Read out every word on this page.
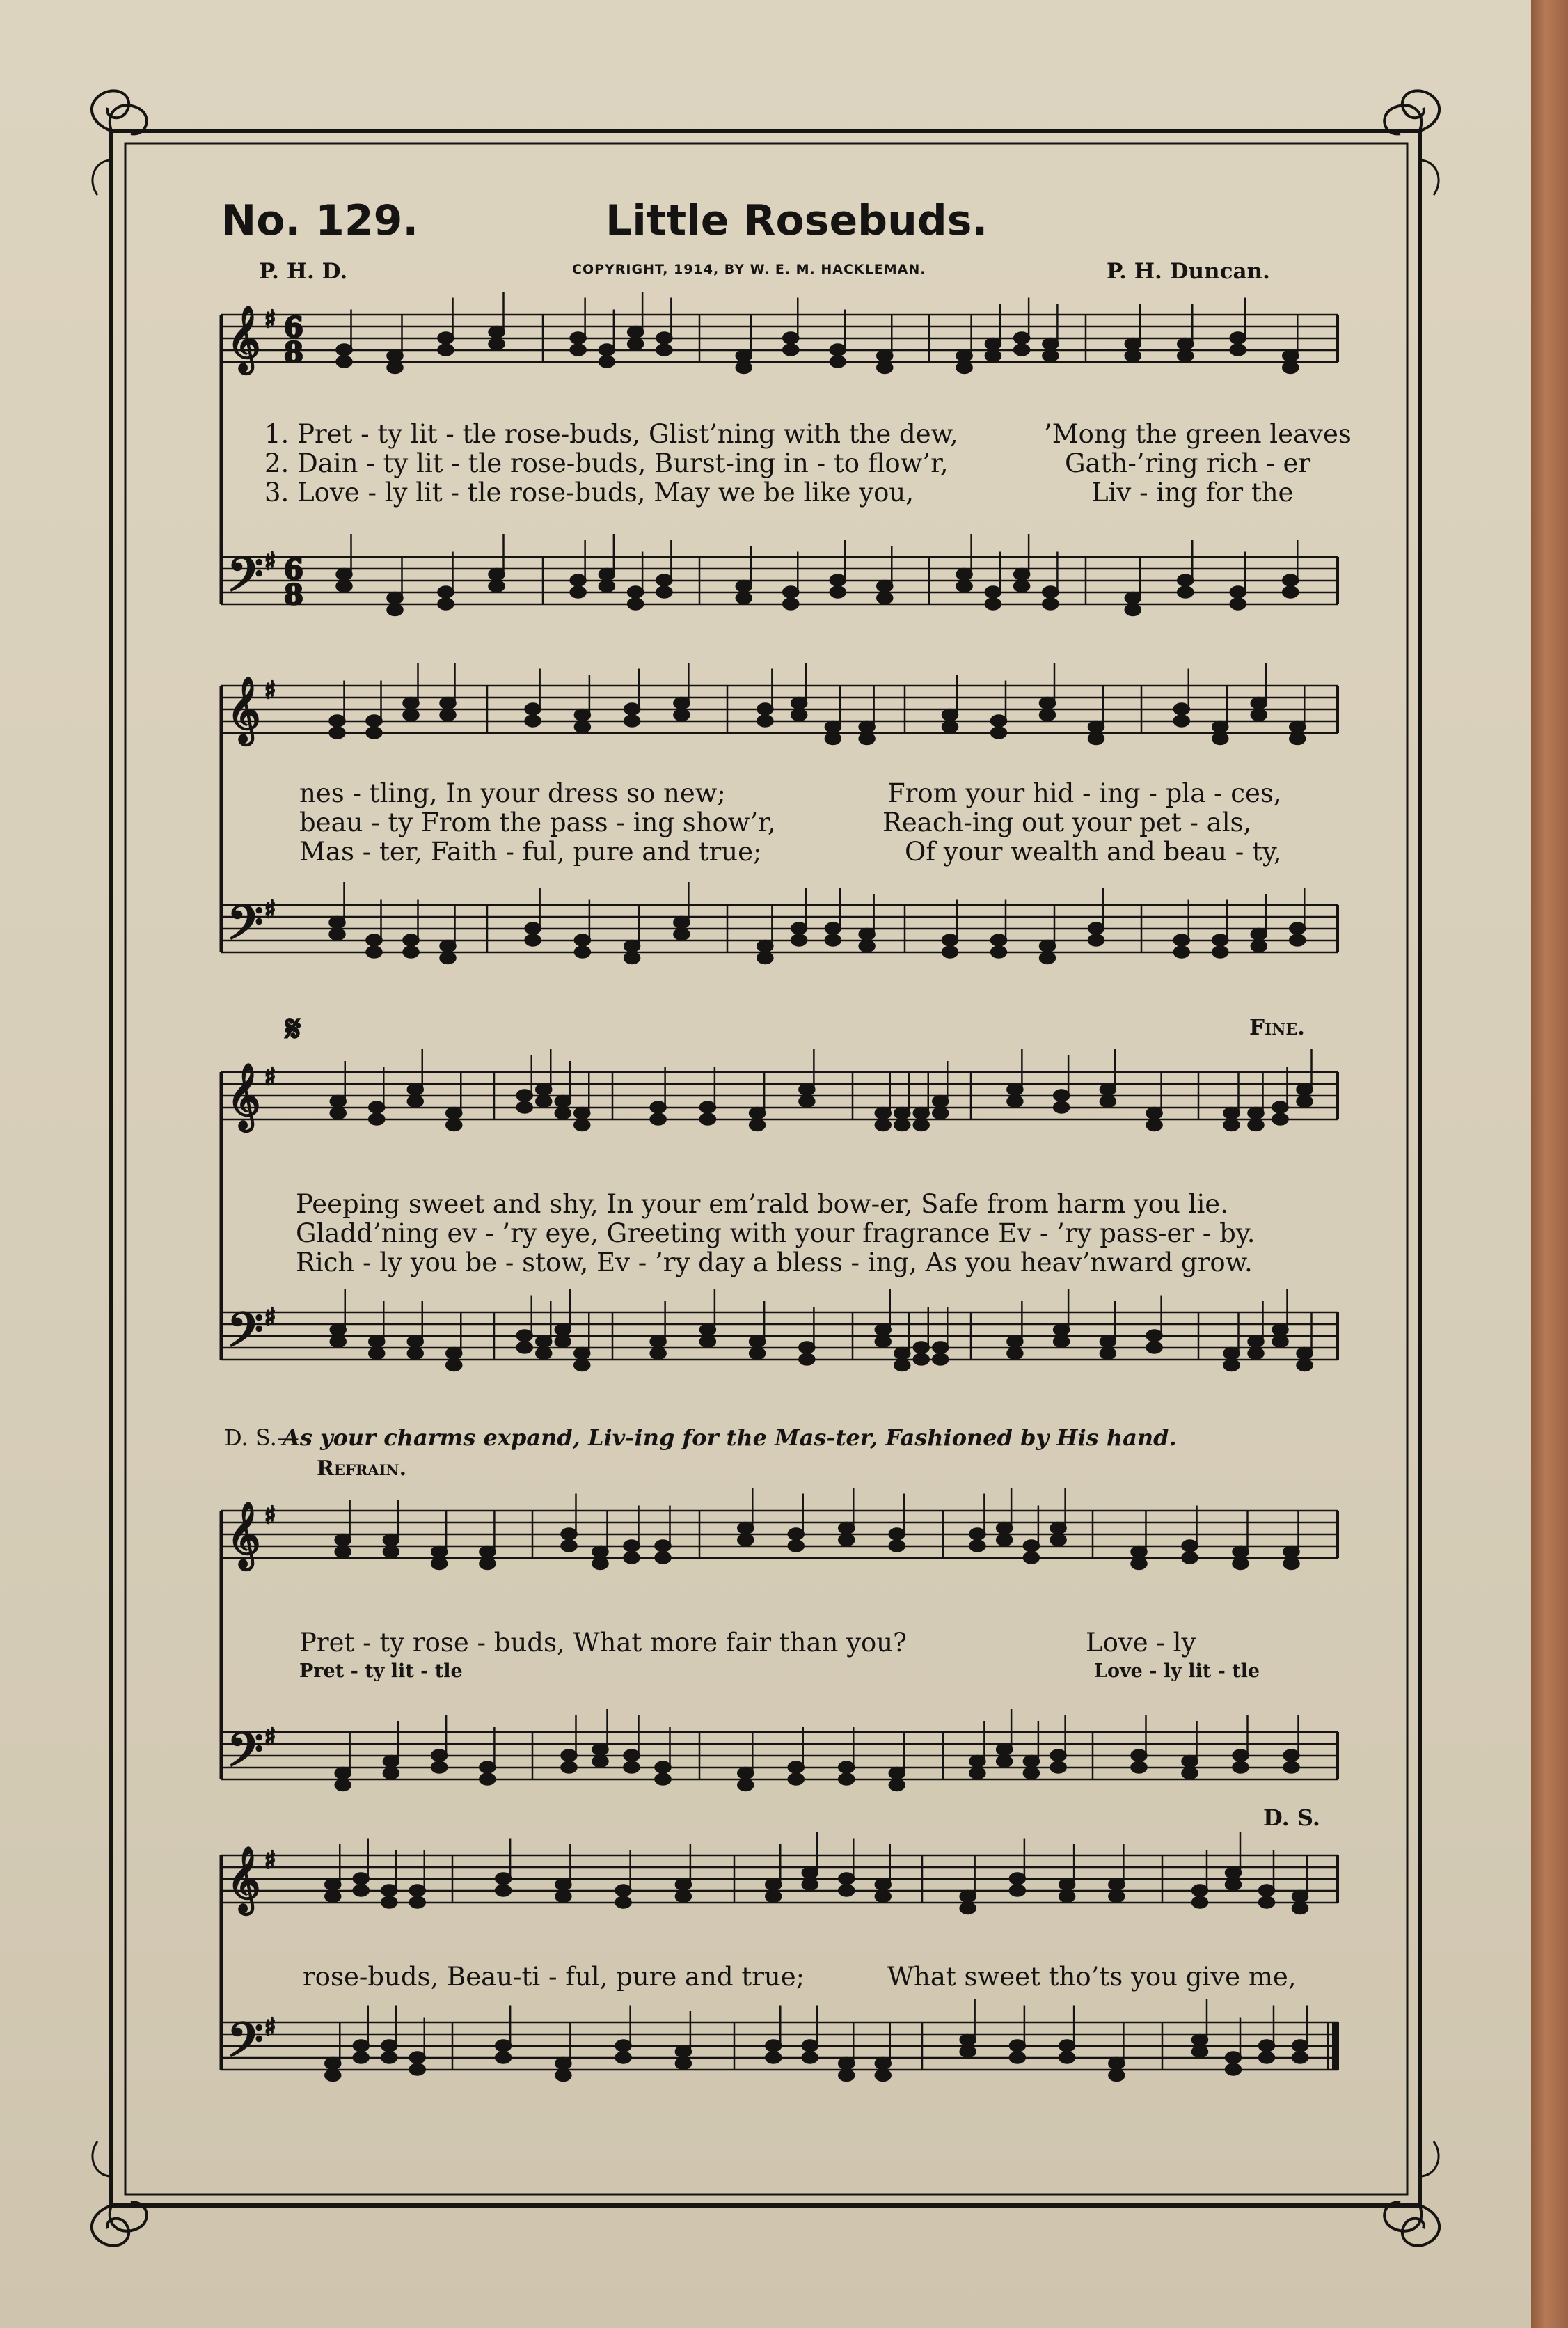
𝄞 ♯
𝄢 ♯
𝄞 ♯
𝄢 ♯
𝄞 ♯
𝄢 ♯
𝄞 ♯
𝄢 ♯
𝄞 ♯
𝄢 ♯
6
8
6
8
𝄋
No. 129.	Little Rosebuds.
P. H. D.	COPYRIGHT, 1914, BY W. E. M. HACKLEMAN.	P. H. Duncan.
1. Pret - ty lit - tle rose-buds, Glist’ning with the dew,
2. Dain - ty lit - tle rose-buds, Burst-ing in - to flow’r,
3. Love - ly lit - tle rose-buds, May we be like you,
’Mong the green leaves
Gath-’ring rich - er
Liv - ing for the
nes - tling, In your dress so new;
beau - ty From the pass - ing show’r,
Mas - ter, Faith - ful, pure and true;
From your hid - ing - pla - ces,
Reach-ing out your pet - als,
Of your wealth and beau - ty,
Fine.
Peeping sweet and shy, In your em’rald bow-er, Safe from harm you lie.
Gladd’ning ev - ’ry eye, Greeting with your fragrance Ev - ’ry pass-er - by.
Rich - ly you be - stow, Ev - ’ry day a bless - ing, As you heav’nward grow.
D. S.—
As your charms expand, Liv-ing for the Mas-ter, Fashioned by His hand.
Refrain.
Pret - ty rose - buds, What more fair than you?	Love - ly
Pret - ty lit - tle	Love - ly lit - tle
D. S.
rose-buds, Beau-ti - ful, pure and true;	What sweet tho’ts you give me,
